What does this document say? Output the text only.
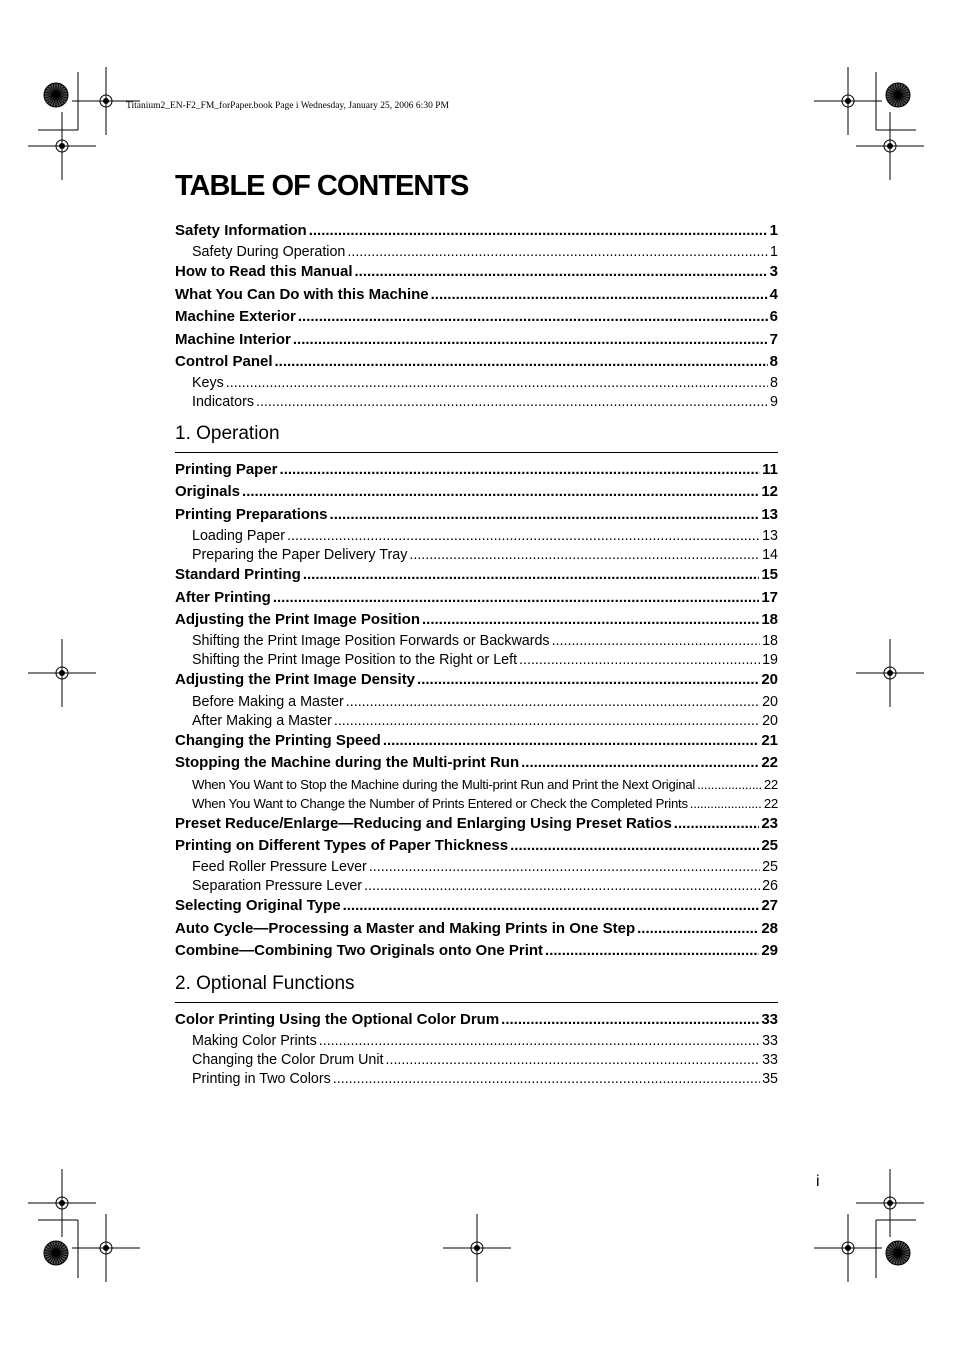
Titanium2_EN-F2_FM_forPaper.book Page i Wednesday, January 25, 2006 6:30 PM
TABLE OF CONTENTS
Safety Information .....	1
Safety During Operation .....	1
How to Read this Manual .....	3
What You Can Do with this Machine .....	4
Machine Exterior .....	6
Machine Interior .....	7
Control Panel .....	8
Keys .....	8
Indicators .....	9
1. Operation
Printing Paper .....	11
Originals .....	12
Printing Preparations .....	13
Loading Paper .....	13
Preparing the Paper Delivery Tray .....	14
Standard Printing .....	15
After Printing .....	17
Adjusting the Print Image Position .....	18
Shifting the Print Image Position Forwards or Backwards .....	18
Shifting the Print Image Position to the Right or Left .....	19
Adjusting the Print Image Density .....	20
Before Making a Master .....	20
After Making a Master .....	20
Changing the Printing Speed .....	21
Stopping the Machine during the Multi-print Run .....	22
When You Want to Stop the Machine during the Multi-print Run and Print the Next Original .....	22
When You Want to Change the Number of Prints Entered or Check the Completed Prints .....	22
Preset Reduce/Enlarge—Reducing and Enlarging Using Preset Ratios .....	23
Printing on Different Types of Paper Thickness .....	25
Feed Roller Pressure Lever .....	25
Separation Pressure Lever .....	26
Selecting Original Type .....	27
Auto Cycle—Processing a Master and Making Prints in One Step .....	28
Combine—Combining Two Originals onto One Print .....	29
2. Optional Functions
Color Printing Using the Optional Color Drum .....	33
Making Color Prints .....	33
Changing the Color Drum Unit .....	33
Printing in Two Colors .....	35
i
